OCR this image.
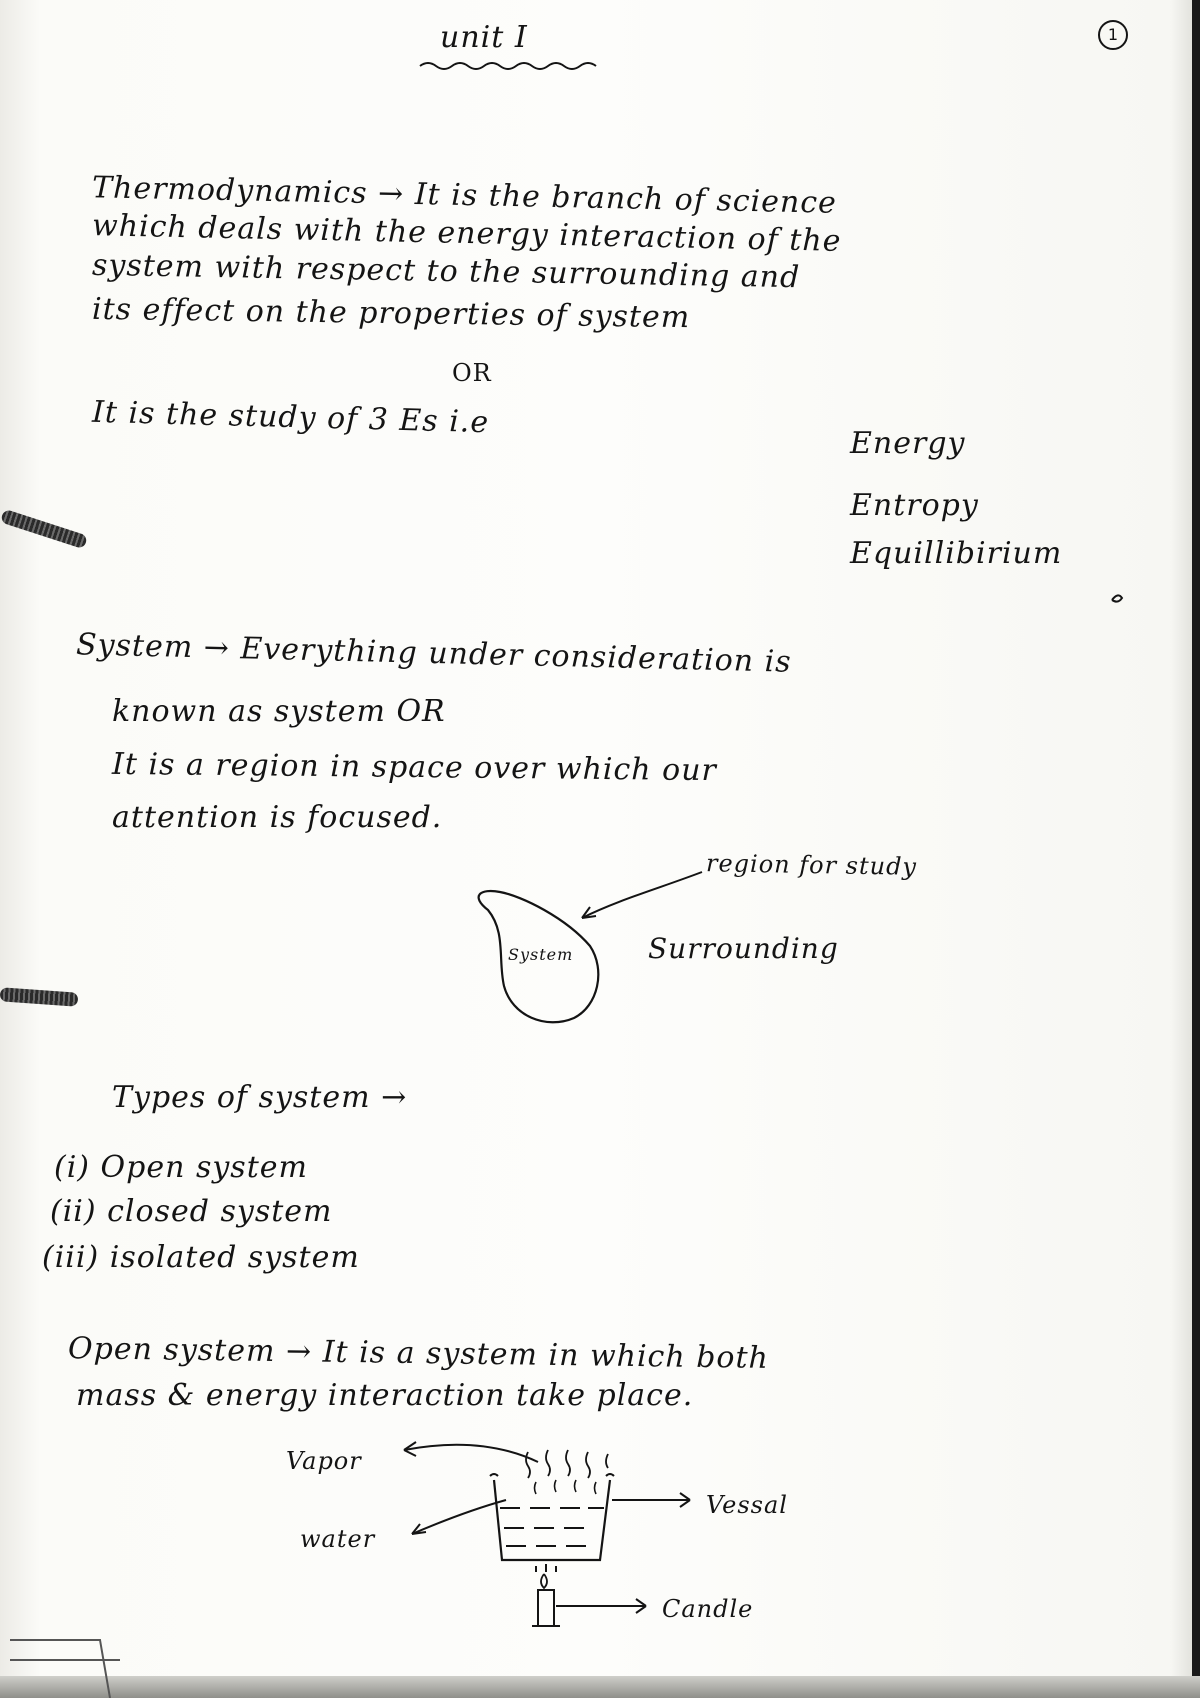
unit I	1
Thermodynamics → It is the branch of science
which deals with the energy interaction of the
system with respect to the surrounding and
its effect on the properties of system
OR
It is the study of 3 Es i.e
Energy
Entropy
Equillibirium
System → Everything under consideration is
known as system OR
It is a region in space over which our
attention is focused.
region for study
System	Surrounding
Types of system →
(i) Open system
(ii) closed system
(iii) isolated system
Open system → It is a system in which both
mass & energy interaction take place.
Vapor
water
Vessal
Candle
